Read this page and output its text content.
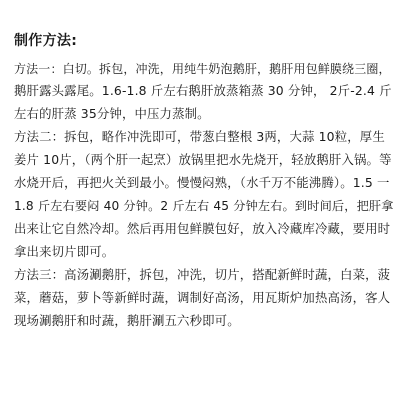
制作方法:
方法一：白切。拆包，冲洗，用纯牛奶泡鹅肝，鹅肝用包鲜膜绕三圈，
鹅肝露头露尾。1.6-1.8 斤左右鹅肝放蒸箱蒸 30 分钟， 2斤-2.4 斤
左右的肝蒸 35分钟，中压力蒸制。
方法二：拆包，略作冲洗即可，带葱白整根 3两，大蒜 10粒，厚生
姜片 10片，（两个肝一起烹）放锅里把水先烧开，轻放鹅肝入锅。等
水烧开后，再把火关到最小。慢慢闷熟，（水千万不能沸腾）。1.5 一
1.8 斤左右要闷 40 分钟。2 斤左右 45 分钟左右。到时间后，把肝拿
出来让它自然冷却。然后再用包鲜膜包好，放入冷藏库冷藏，要用时
拿出来切片即可。
方法三：高汤涮鹅肝，拆包，冲洗，切片，搭配新鲜时蔬，白菜，菠
菜，蘑菇，萝卜等新鲜时蔬，调制好高汤，用瓦斯炉加热高汤，客人
现场涮鹅肝和时蔬，鹅肝涮五六秒即可。
